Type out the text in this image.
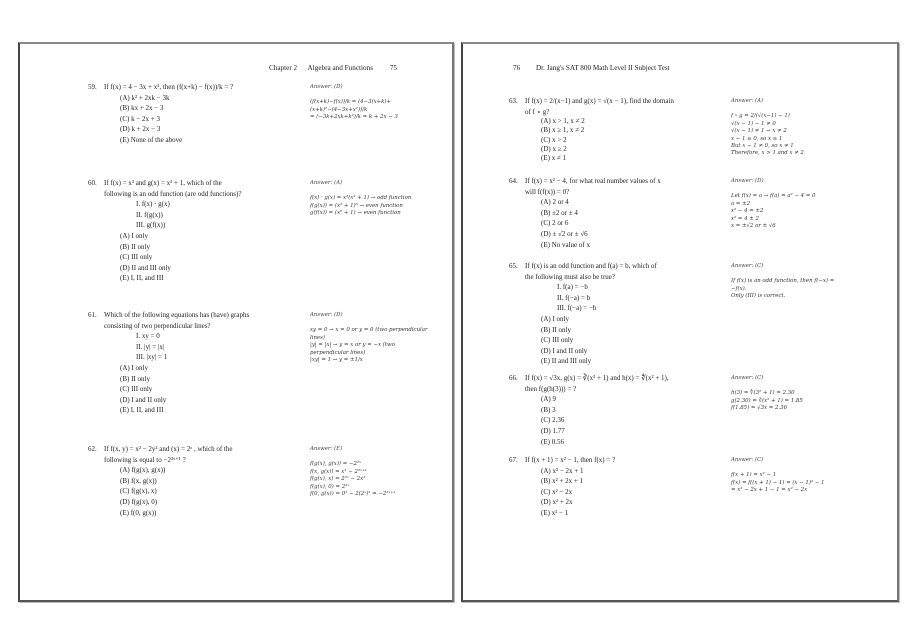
Chapter 2 Algebra and Functions 75
59. If f(x) = 4 − 3x + x², then (f(x+k) − f(x))/k = ?
(A) k² + 2xk − 3k
(B) kx + 2x − 3
(C) k − 2x + 3
(D) k + 2x − 3
(E) None of the above
Answer: (D)
(f(x+k)−f(x))/k = (4−3(x+k)+(x+k)²−(4−3x+x²))/k
= (−3k+2xk+k²)/k = k + 2x − 3
60. If f(x) = x³ and g(x) = x² + 1, which of the
following is an odd function (are odd functions)?
I. f(x) · g(x)
II. f(g(x))
III. g(f(x))
(A) I only
(B) II only
(C) III only
(D) II and III only
(E) I, II, and III
Answer: (A)
f(x) · g(x) = x³(x² + 1) → odd function
f(g(x)) = (x² + 1)³ → even function
g(f(x)) = (x⁶ + 1) → even function
61. Which of the following equations has (have) graphs
consisting of two perpendicular lines?
I. xy = 0
II. |y| = |x|
III. |xy| = 1
(A) I only
(B) II only
(C) III only
(D) I and II only
(E) I, II, and III
Answer: (D)
xy = 0 → x = 0 or y = 0 (two perpendicular lines)
|y| = |x| → y = x or y = −x (two perpendicular lines)
|xy| = 1 → y = ±1/x
62. If f(x, y) = x² − 2y² and (x) = 2ˣ , which of the
following is equal to −2²ˣ⁺¹ ?
(A) f(g(x), g(x))
(B) f(x, g(x))
(C) f(g(x), x)
(D) f(g(x), 0)
(E) f(0, g(x))
Answer: (E)
f(g(x), g(x)) = −2²ˣ
f(x, g(x)) = x² − 2²ˣ⁺¹
f(g(x), x) = 2²ˣ − 2x²
f(g(x), 0) = 2²ˣ
f(0, g(x)) = 0² − 2(2ˣ)² = −2²ˣ⁺¹
76 Dr. Jang's SAT 800 Math Level II Subject Test
63. If f(x) = 2/(x−1) and g(x) = √(x − 1), find the domain
of f ∘ g?
(A) x > 1, x ≠ 2
(B) x ≥ 1, x ≠ 2
(C) x > 2
(D) x ≥ 2
(E) x ≠ 1
Answer: (A)
f ∘ g = 2/(√(x−1) − 1)
√(x − 1) − 1 ≠ 0
√(x − 1) ≠ 1 → x ≠ 2
x − 1 ≥ 0, so x ≥ 1
But x − 1 ≠ 0, so x ≠ 1
Therefore, x > 1 and x ≠ 2
64. If f(x) = x² − 4, for what real number values of x
will f(f(x)) = 0?
(A) 2 or 4
(B) ±2 or ± 4
(C) 2 or 6
(D) ± √2 or ± √6
(E) No value of x
Answer: (D)
Let f(x) = a → f(a) = a² − 4 = 0
a = ±2
x² − 4 = ±2
x² = 4 ± 2
x = ±√2 or ± √6
65. If f(x) is an odd function and f(a) = b, which of
the following must also be true?
I. f(a) = −b
II. f(−a) = b
III. f(−a) = −b
(A) I only
(B) II only
(C) III only
(D) I and II only
(E) II and III only
Answer: (C)
If f(x) is an odd function, then f(−x) = −f(x).
Only (III) is correct.
66. If f(x) = √3x, g(x) = ∛(x² + 1) and h(x) = ∜(x² + 1),
then f(g(h(3))) = ?
(A) 9
(B) 3
(C) 2.36
(D) 1.77
(E) 0.56
Answer: (C)
h(3) = ∜(3² + 1) = 2.30
g(2.30) = ∛(x² + 1) = 1.85
f(1.85) = √3x = 2.36
67. If f(x + 1) = x² − 1, then f(x) = ?
(A) x² − 2x + 1
(B) x² + 2x + 1
(C) x² − 2x
(D) x² + 2x
(E) x² − 1
Answer: (C)
f(x + 1) = x² − 1
f(x) = f((x + 1) − 1) = (x − 1)² − 1
= x² − 2x + 1 − 1 = x² − 2x
